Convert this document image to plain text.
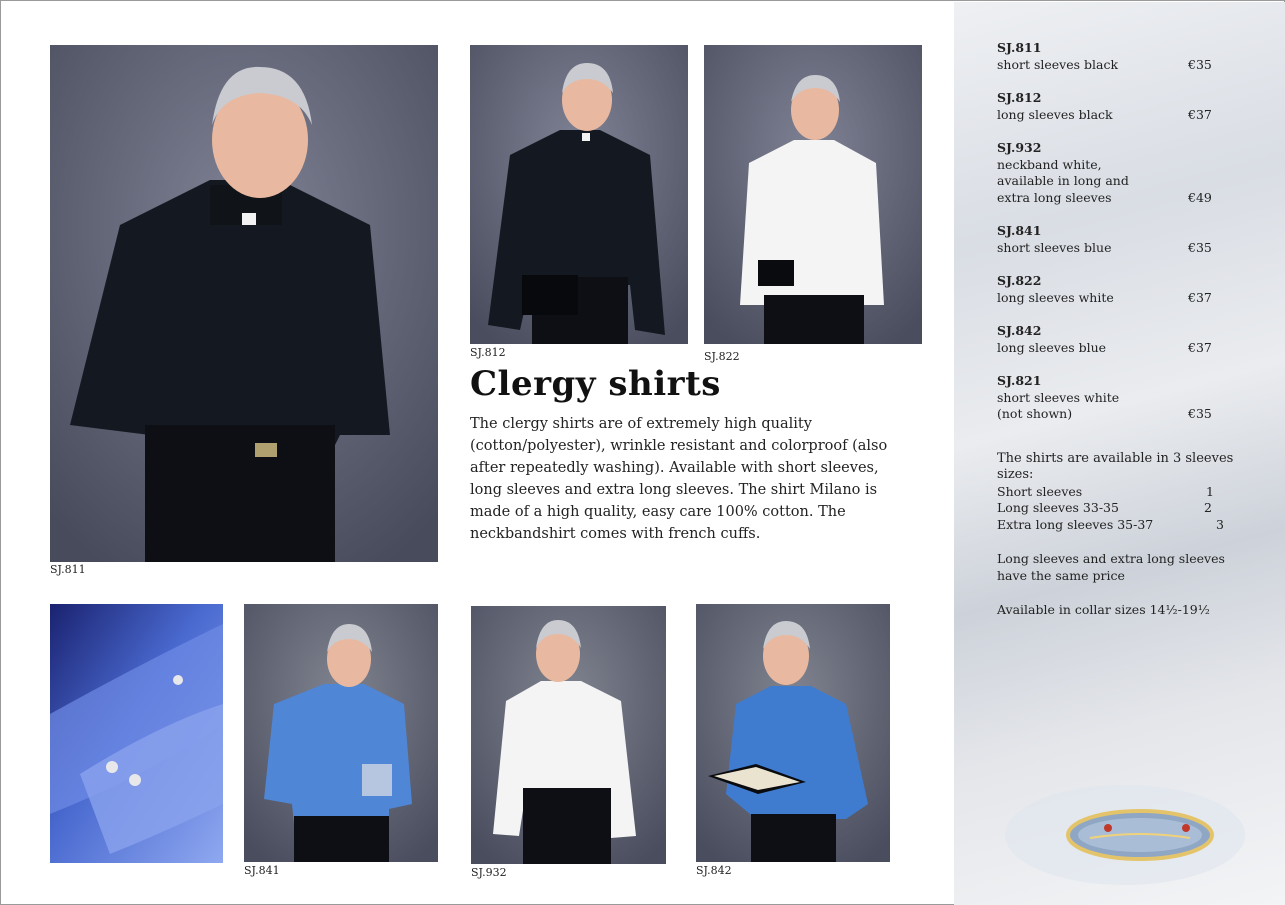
SJ.811
SJ.812	SJ.822
Clergy shirts
The clergy shirts are of extremely high quality (cotton/polyester), wrinkle resistant and colorproof (also after repeatedly washing). Available with short sleeves, long sleeves and extra long sleeves. The shirt Milano is made of a high quality, easy care 100% cotton. The neckbandshirt comes with french cuffs.
SJ.841	SJ.932	SJ.842
SJ.811
short sleeves black	€35
SJ.812
long sleeves black	€37
SJ.932
neckband white,
available in long and
extra long sleeves	€49
SJ.841
short sleeves blue	€35
SJ.822
long sleeves white	€37
SJ.842
long sleeves blue	€37
SJ.821
short sleeves white
(not shown)	€35
The shirts are available in 3 sleeves sizes:
Short sleeves	1
Long sleeves 33-35	2
Extra long sleeves 35-37	3
Long sleeves and extra long sleeves have the same price
Available in collar sizes 14½-19½
